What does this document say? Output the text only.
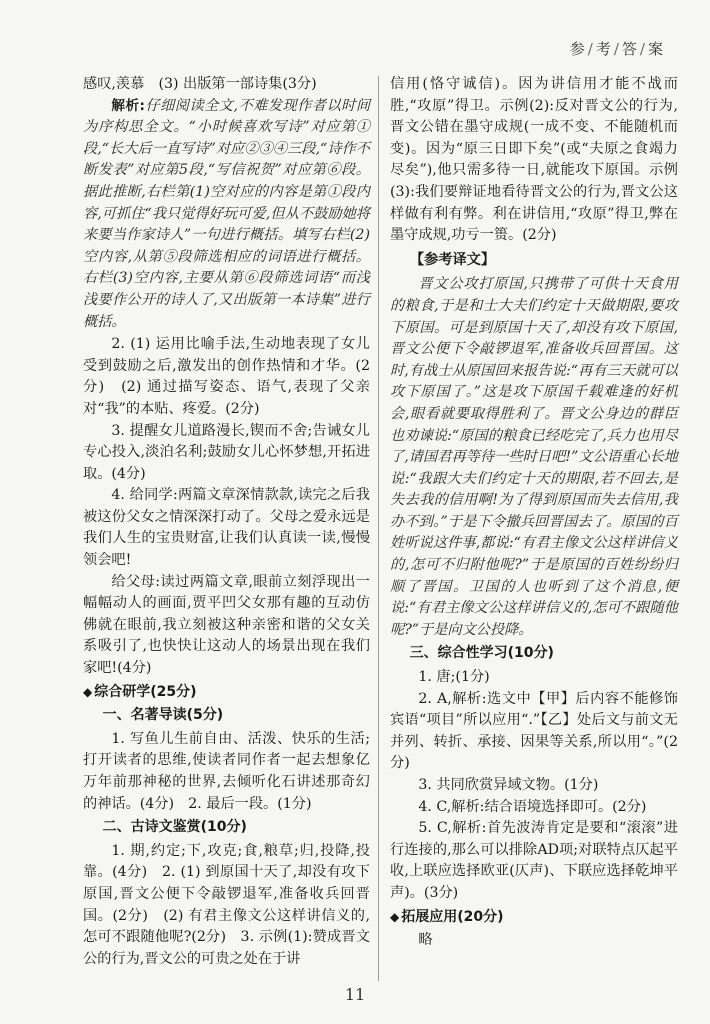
参 / 考 / 答 / 案

感叹,羡慕　(3) 出版第一部诗集(3分)

解析:仔细阅读全文,不难发现作者以时间为序构思全文。“小时候喜欢写诗”对应第①段,“长大后一直写诗”对应②③④三段,“诗作不断发表”对应第5段,“写信祝贺”对应第⑥段。据此推断,右栏第(1)空对应的内容是第①段内容,可抓住“我只觉得好玩可爱,但从不鼓励她将来要当作家诗人”一句进行概括。填写右栏(2)空内容,从第⑤段筛选相应的词语进行概括。右栏(3)空内容,主要从第⑥段筛选词语“而浅浅要作公开的诗人了,又出版第一本诗集”进行概括。

2. (1) 运用比喻手法,生动地表现了女儿受到鼓励之后,激发出的创作热情和才华。(2分)　(2) 通过描写姿态、语气,表现了父亲对“我”的本贴、疼爱。(2分)

3. 提醒女儿道路漫长,锲而不舍;告诫女儿专心投入,淡泊名利;鼓励女儿心怀梦想,开拓进取。(4分)

4. 给同学:两篇文章深情款款,读完之后我被这份父女之情深深打动了。父母之爱永远是我们人生的宝贵财富,让我们认真读一读,慢慢领会吧!

给父母:读过两篇文章,眼前立刻浮现出一幅幅动人的画面,贾平凹父女那有趣的互动仿佛就在眼前,我立刻被这种亲密和谐的父女关系吸引了,也快快让这动人的场景出现在我们家吧!(4分)

◆ 综合研学(25分)

一、名著导读(5分)

1. 写鱼儿生前自由、活泼、快乐的生活;打开读者的思维,使读者同作者一起去想象亿万年前那神秘的世界,去倾听化石讲述那奇幻的神话。(4分)　2. 最后一段。(1分)

二、古诗文鉴赏(10分)

1. 期,约定;下,攻克;食,粮草;归,投降,投靠。(4分)　2. (1) 到原国十天了,却没有攻下原国,晋文公便下令敲锣退军,准备收兵回晋国。(2分)　(2) 有君主像文公这样讲信义的,怎可不跟随他呢?(2分)　3. 示例(1):赞成晋文公的行为,晋文公的可贵之处在于讲

信用(恪守诚信)。因为讲信用才能不战而胜,“攻原”得卫。示例(2):反对晋文公的行为,晋文公错在墨守成规(一成不变、不能随机而变)。因为“原三日即下矣”(或“夫原之食竭力尽矣”),他只需多待一日,就能攻下原国。示例(3):我们要辩证地看待晋文公的行为,晋文公这样做有利有弊。利在讲信用,“攻原”得卫,弊在墨守成规,功亏一篑。(2分)

【参考译文】

晋文公攻打原国,只携带了可供十天食用的粮食,于是和士大夫们约定十天做期限,要攻下原国。可是到原国十天了,却没有攻下原国,晋文公便下令敲锣退军,准备收兵回晋国。这时,有战士从原国回来报告说:“再有三天就可以攻下原国了。”这是攻下原国千载难逢的好机会,眼看就要取得胜利了。晋文公身边的群臣也劝谏说:“原国的粮食已经吃完了,兵力也用尽了,请国君再等待一些时日吧!”文公语重心长地说:“我跟大夫们约定十天的期限,若不回去,是失去我的信用啊!为了得到原国而失去信用,我办不到。”于是下令撤兵回晋国去了。原国的百姓听说这件事,都说:“有君主像文公这样讲信义的,怎可不归附他呢?”于是原国的百姓纷纷归顺了晋国。卫国的人也听到了这个消息,便说:“有君主像文公这样讲信义的,怎可不跟随他呢?”于是向文公投降。

三、综合性学习(10分)

1. 唐;(1分)

2. A,解析:选文中【甲】后内容不能修饰宾语“项目”所以应用“.”【乙】处后文与前文无并列、转折、承接、因果等关系,所以用“。”(2分)

3. 共同欣赏异域文物。(1分)

4. C,解析:结合语境选择即可。(2分)

5. C,解析:首先波涛肯定是要和“滚滚”进行连接的,那么可以排除AD项;对联特点仄起平收,上联应选择欧亚(仄声)、下联应选择乾坤平声)。(3分)

◆ 拓展应用(20分)

略

11
